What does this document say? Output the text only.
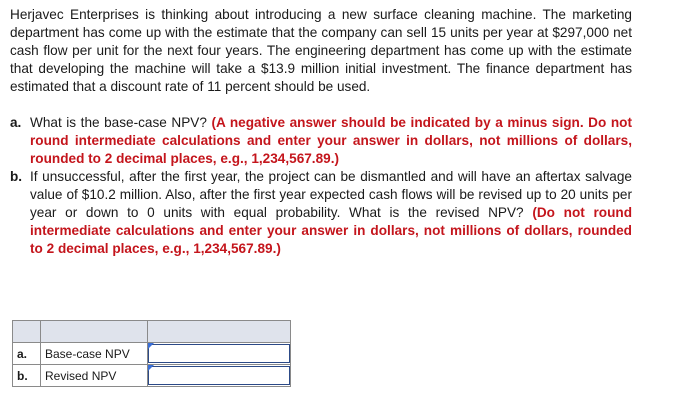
Herjavec Enterprises is thinking about introducing a new surface cleaning machine. The marketing department has come up with the estimate that the company can sell 15 units per year at $297,000 net cash flow per unit for the next four years. The engineering department has come up with the estimate that developing the machine will take a $13.9 million initial investment. The finance department has estimated that a discount rate of 11 percent should be used.

a. What is the base-case NPV? (A negative answer should be indicated by a minus sign. Do not round intermediate calculations and enter your answer in dollars, not millions of dollars, rounded to 2 decimal places, e.g., 1,234,567.89.)
b. If unsuccessful, after the first year, the project can be dismantled and will have an aftertax salvage value of $10.2 million. Also, after the first year expected cash flows will be revised up to 20 units per year or down to 0 units with equal probability. What is the revised NPV? (Do not round intermediate calculations and enter your answer in dollars, not millions of dollars, rounded to 2 decimal places, e.g., 1,234,567.89.)

a.	Base-case NPV	

b.	Revised NPV	
